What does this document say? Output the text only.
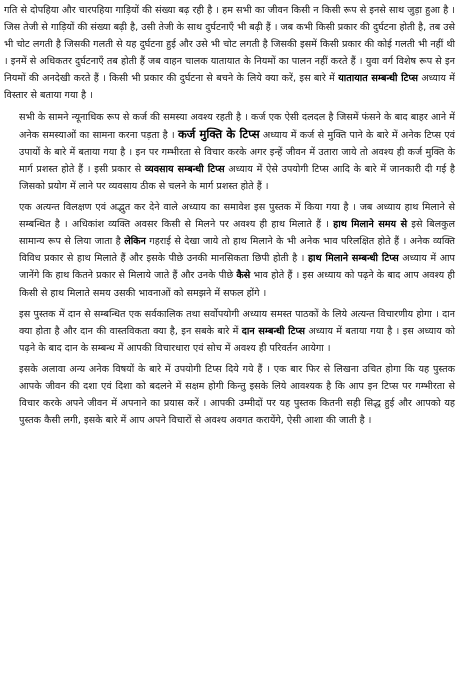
गति से दोपहिया और चारपहिया गाड़ियों की संख्या बढ़ रही है । हम सभी का जीवन किसी न किसी रूप से इनसे साथ जुड़ा हुआ है । जिस तेजी से गाड़ियों की संख्या बढ़ी है, उसी तेजी के साथ दुर्घटनाएँ भी बढ़ी हैं । जब कभी किसी प्रकार की दुर्घटना होती है, तब उसे भी चोट लगती है जिसकी गलती से यह दुर्घटना हुई और उसे भी चोट लगती है जिसकी इसमें किसी प्रकार की कोई गलती भी नहीं थी । इनमें से अधिकतर दुर्घटनाएँ तब होती हैं जब वाहन चालक यातायात के नियमों का पालन नहीं करते हैं । युवा वर्ग विशेष रूप से इन नियमों की अनदेखी करते हैं । किसी भी प्रकार की दुर्घटना से बचने के लिये क्या करें, इस बारे में यातायात सम्बन्धी टिप्स अध्याय में विस्तार से बताया गया है ।

सभी के सामने न्यूनाधिक रूप से कर्ज की समस्या अवश्य रहती है । कर्ज एक ऐसी दलदल है जिसमें फंसने के बाद बाहर आने में अनेक समस्याओं का सामना करना पड़ता है । कर्ज मुक्ति के टिप्स अध्याय में कर्ज से मुक्ति पाने के बारे में अनेक टिप्स एवं उपायों के बारे में बताया गया है । इन पर गम्भीरता से विचार करके अगर इन्हें जीवन में उतारा जाये तो अवश्य ही कर्ज मुक्ति के मार्ग प्रशस्त होते हैं । इसी प्रकार से व्यवसाय सम्बन्धी टिप्स अध्याय में ऐसे उपयोगी टिप्स आदि के बारे में जानकारी दी गई है जिसको प्रयोग में लाने पर व्यवसाय ठीक से चलने के मार्ग प्रशस्त होते हैं ।

एक अत्यन्त विलक्षण एवं अद्भुत कर देने वाले अध्याय का समावेश इस पुस्तक में किया गया है । जब अध्याय हाथ मिलाने से सम्बन्धित है । अधिकांश व्यक्ति अवसर किसी से मिलने पर अवश्य ही हाथ मिलाते हैं । हाथ मिलाने समय से इसे बिलकुल सामान्य रूप से लिया जाता है लेकिन गहराई से देखा जाये तो हाथ मिलाने के भी अनेक भाव परिलक्षित होते हैं । अनेक व्यक्ति विविध प्रकार से हाथ मिलाते हैं और इसके पीछे उनकी मानसिकता छिपी होती है । हाथ मिलाने सम्बन्धी टिप्स अध्याय में आप जानेंगे कि हाथ कितने प्रकार से मिलाये जाते हैं और उनके पीछे कैसे भाव होते हैं । इस अध्याय को पढ़ने के बाद आप अवश्य ही किसी से हाथ मिलाते समय उसकी भावनाओं को समझने में सफल होंगे ।

इस पुस्तक में दान से सम्बन्धित एक सर्वकालिक तथा सर्वोपयोगी अध्याय समस्त पाठकों के लिये अत्यन्त विचारणीय होगा । दान क्या होता है और दान की वास्तविकता क्या है, इन सबके बारे में दान सम्बन्धी टिप्स अध्याय में बताया गया है । इस अध्याय को पढ़ने के बाद दान के सम्बन्ध में आपकी विचारधारा एवं सोच में अवश्य ही परिवर्तन आयेगा ।

इसके अलावा अन्य अनेक विषयों के बारे में उपयोगी टिप्स दिये गये हैं । एक बार फिर से लिखना उचित होगा कि यह पुस्तक आपके जीवन की दशा एवं दिशा को बदलने में सक्षम होगी किन्तु इसके लिये आवश्यक है कि आप इन टिप्स पर गम्भीरता से विचार करके अपने जीवन में अपनाने का प्रयास करें । आपकी उम्मीदों पर यह पुस्तक कितनी सही सिद्ध हुई और आपको यह पुस्तक कैसी लगी, इसके बारे में आप अपने विचारों से अवश्य अवगत करायेंगे, ऐसी आशा की जाती है ।
